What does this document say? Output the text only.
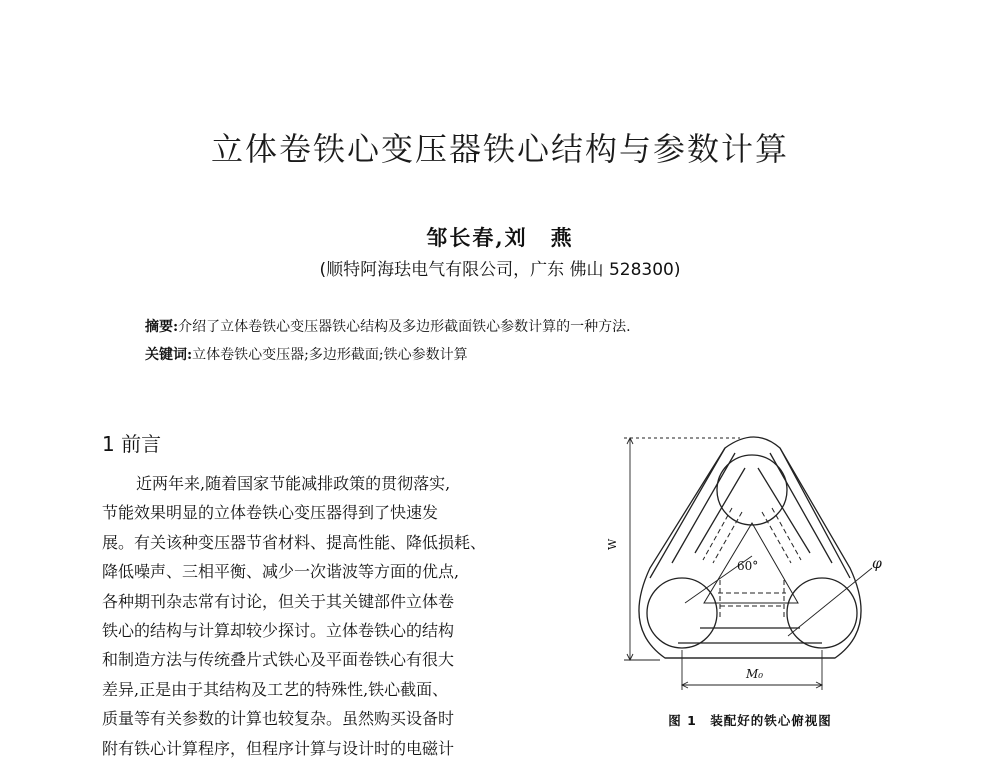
立体卷铁心变压器铁心结构与参数计算
邹长春,刘　燕
(顺特阿海珐电气有限公司，广东 佛山 528300)
摘要:介绍了立体卷铁心变压器铁心结构及多边形截面铁心参数计算的一种方法.
关键词:立体卷铁心变压器;多边形截面;铁心参数计算
1 前言
近两年来,随着国家节能减排政策的贯彻落实,
节能效果明显的立体卷铁心变压器得到了快速发
展。有关该种变压器节省材料、提高性能、降低损耗、
降低噪声、三相平衡、减少一次谐波等方面的优点,
各种期刊杂志常有讨论，但关于其关键部件立体卷
铁心的结构与计算却较少探讨。立体卷铁心的结构
和制造方法与传统叠片式铁心及平面卷铁心有很大
差异,正是由于其结构及工艺的特殊性,铁心截面、
质量等有关参数的计算也较复杂。虽然购买设备时
附有铁心计算程序，但程序计算与设计时的电磁计
60°
W
M₀
φ
图 1　装配好的铁心俯视图
